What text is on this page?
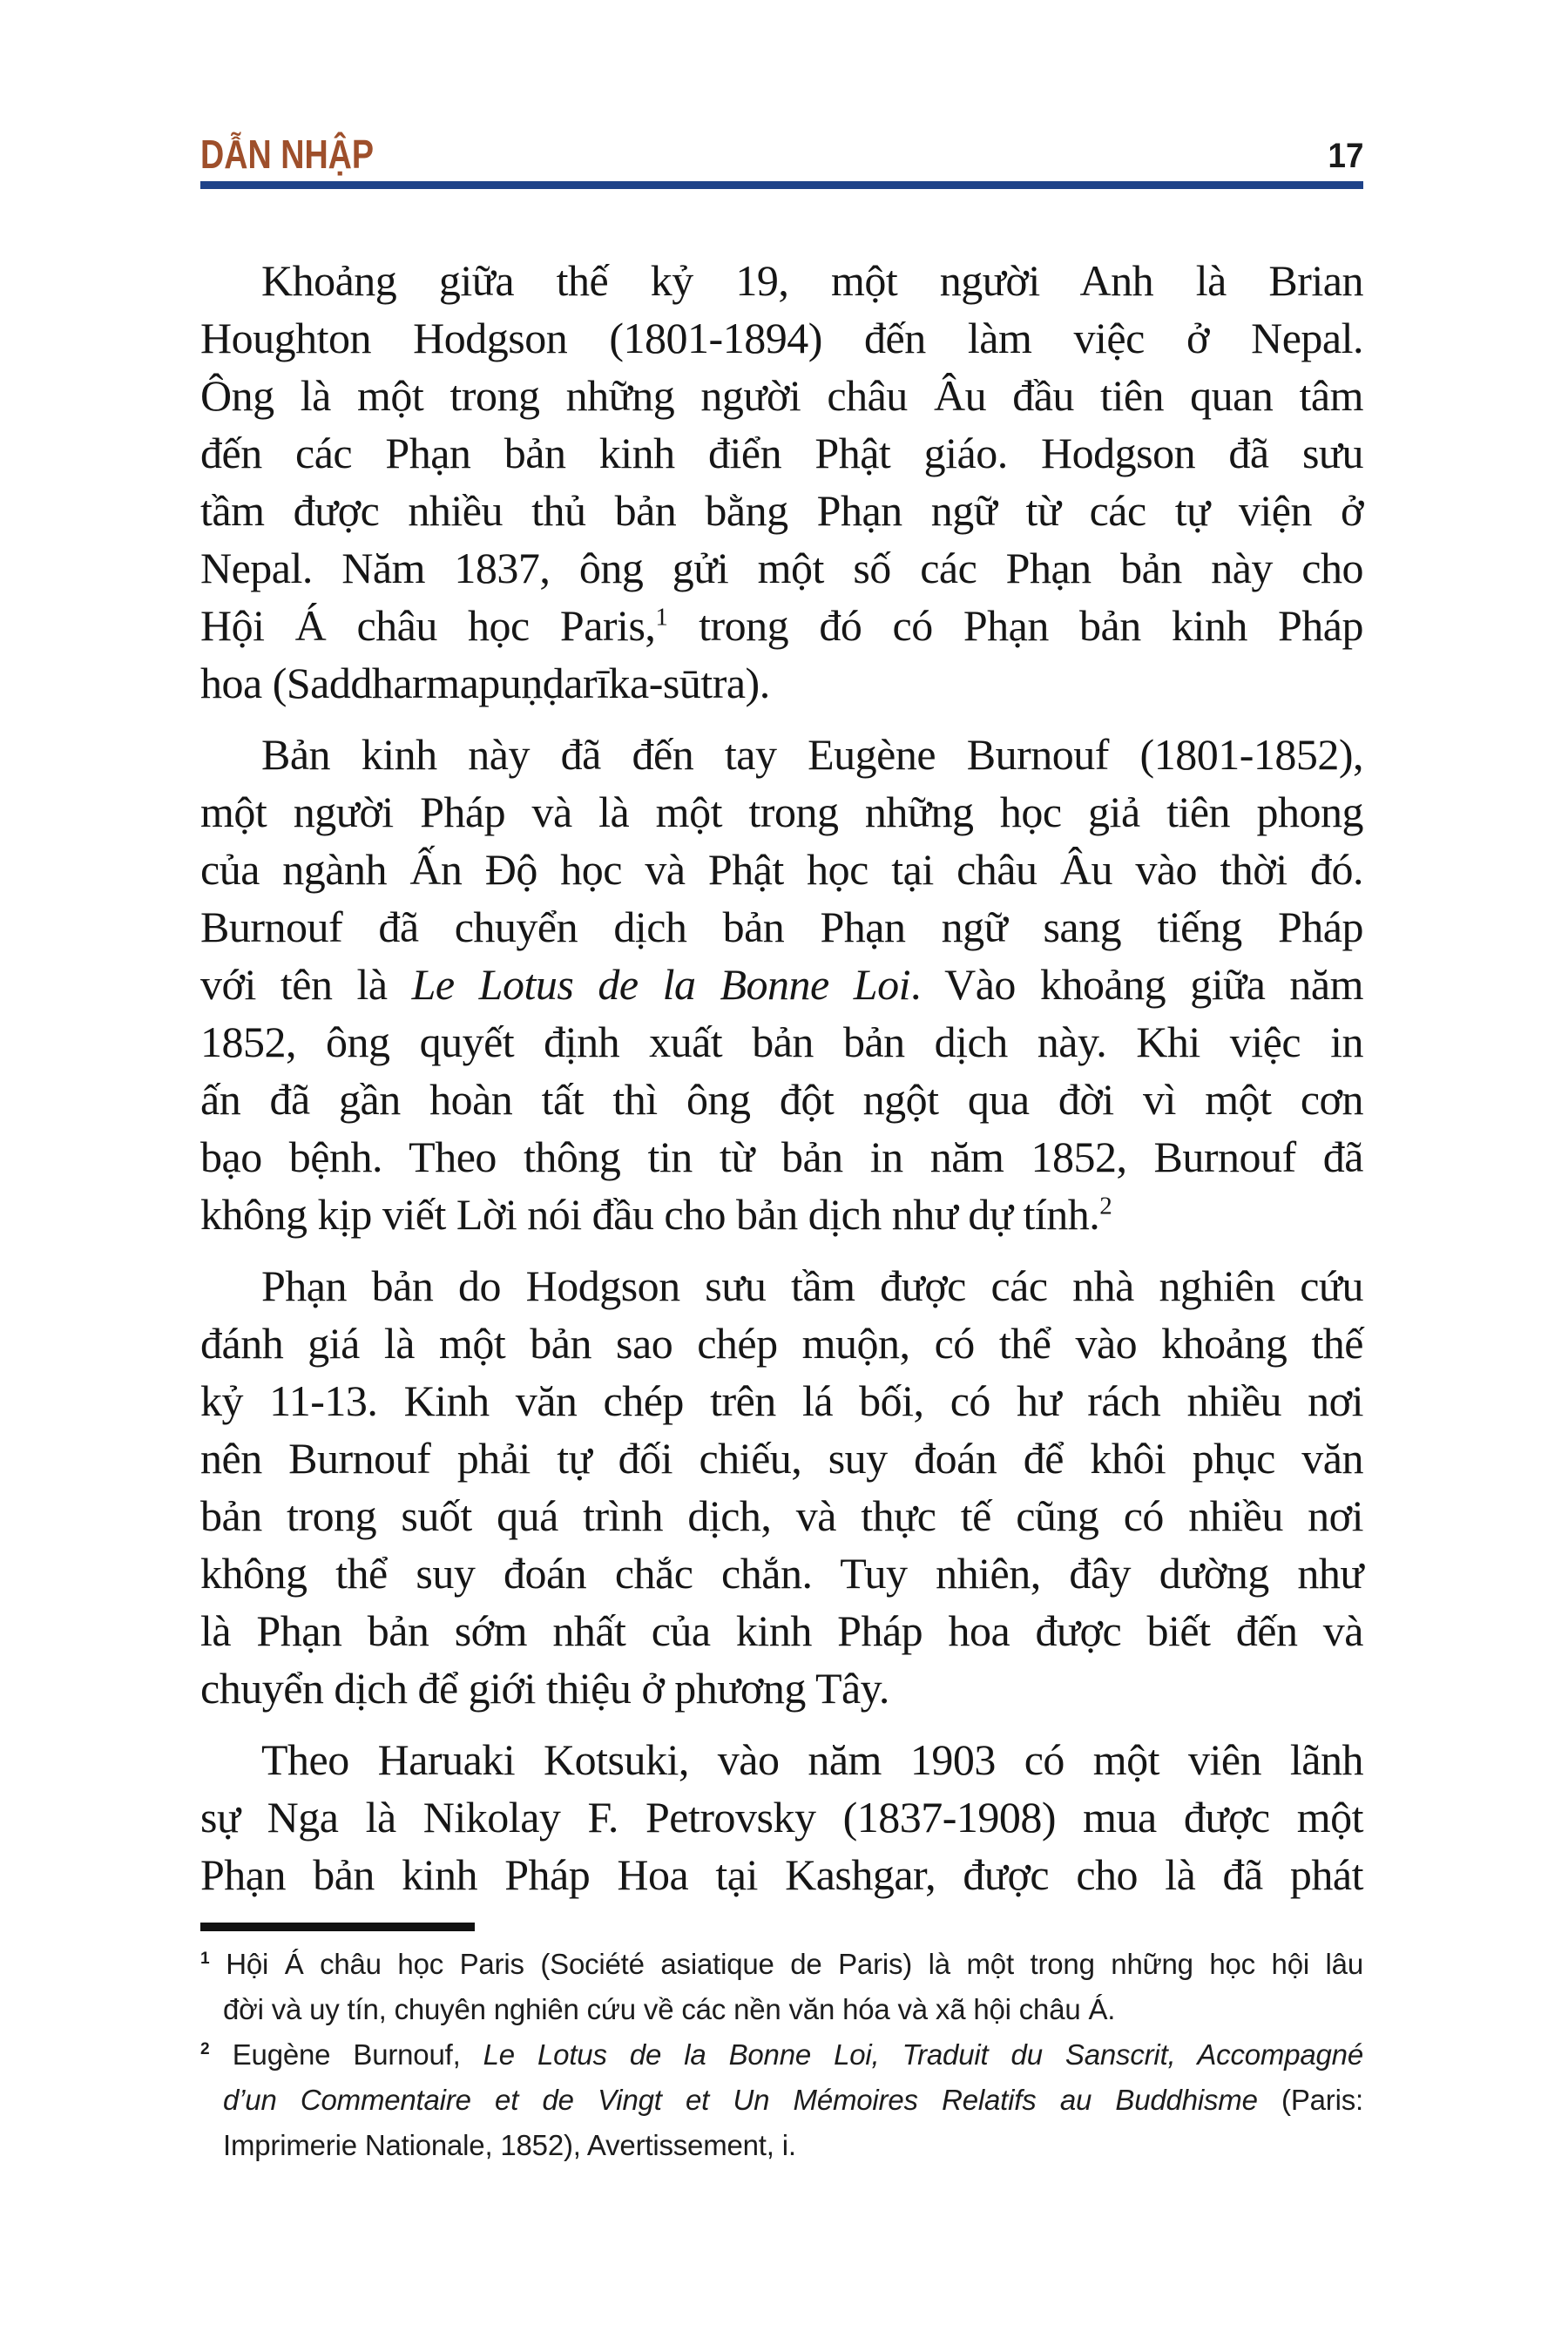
DẪN NHẬP	17
Khoảng giữa thế kỷ 19, một người Anh là Brian
Houghton Hodgson (1801-1894) đến làm việc ở Nepal.
Ông là một trong những người châu Âu đầu tiên quan tâm
đến các Phạn bản kinh điển Phật giáo. Hodgson đã sưu
tầm được nhiều thủ bản bằng Phạn ngữ từ các tự viện ở
Nepal. Năm 1837, ông gửi một số các Phạn bản này cho
Hội Á châu học Paris,$^1$ trong đó có Phạn bản kinh Pháp
hoa (Saddharmapuṇḍarīka-sūtra).
Bản kinh này đã đến tay Eugène Burnouf (1801-1852),
một người Pháp và là một trong những học giả tiên phong
của ngành Ấn Độ học và Phật học tại châu Âu vào thời đó.
Burnouf đã chuyển dịch bản Phạn ngữ sang tiếng Pháp
với tên là Le Lotus de la Bonne Loi. Vào khoảng giữa năm
1852, ông quyết định xuất bản bản dịch này. Khi việc in
ấn đã gần hoàn tất thì ông đột ngột qua đời vì một cơn
bạo bệnh. Theo thông tin từ bản in năm 1852, Burnouf đã
không kịp viết Lời nói đầu cho bản dịch như dự tính.$^2$
Phạn bản do Hodgson sưu tầm được các nhà nghiên cứu
đánh giá là một bản sao chép muộn, có thể vào khoảng thế
kỷ 11-13. Kinh văn chép trên lá bối, có hư rách nhiều nơi
nên Burnouf phải tự đối chiếu, suy đoán để khôi phục văn
bản trong suốt quá trình dịch, và thực tế cũng có nhiều nơi
không thể suy đoán chắc chắn. Tuy nhiên, đây dường như
là Phạn bản sớm nhất của kinh Pháp hoa được biết đến và
chuyển dịch để giới thiệu ở phương Tây.
Theo Haruaki Kotsuki, vào năm 1903 có một viên lãnh
sự Nga là Nikolay F. Petrovsky (1837-1908) mua được một
Phạn bản kinh Pháp Hoa tại Kashgar, được cho là đã phát
$^1$ Hội Á châu học Paris (Société asiatique de Paris) là một trong những học hội lâu
đời và uy tín, chuyên nghiên cứu về các nền văn hóa và xã hội châu Á.
$^2$ Eugène Burnouf, Le Lotus de la Bonne Loi, Traduit du Sanscrit, Accompagné
d’un Commentaire et de Vingt et Un Mémoires Relatifs au Buddhisme (Paris:
Imprimerie Nationale, 1852), Avertissement, i.
